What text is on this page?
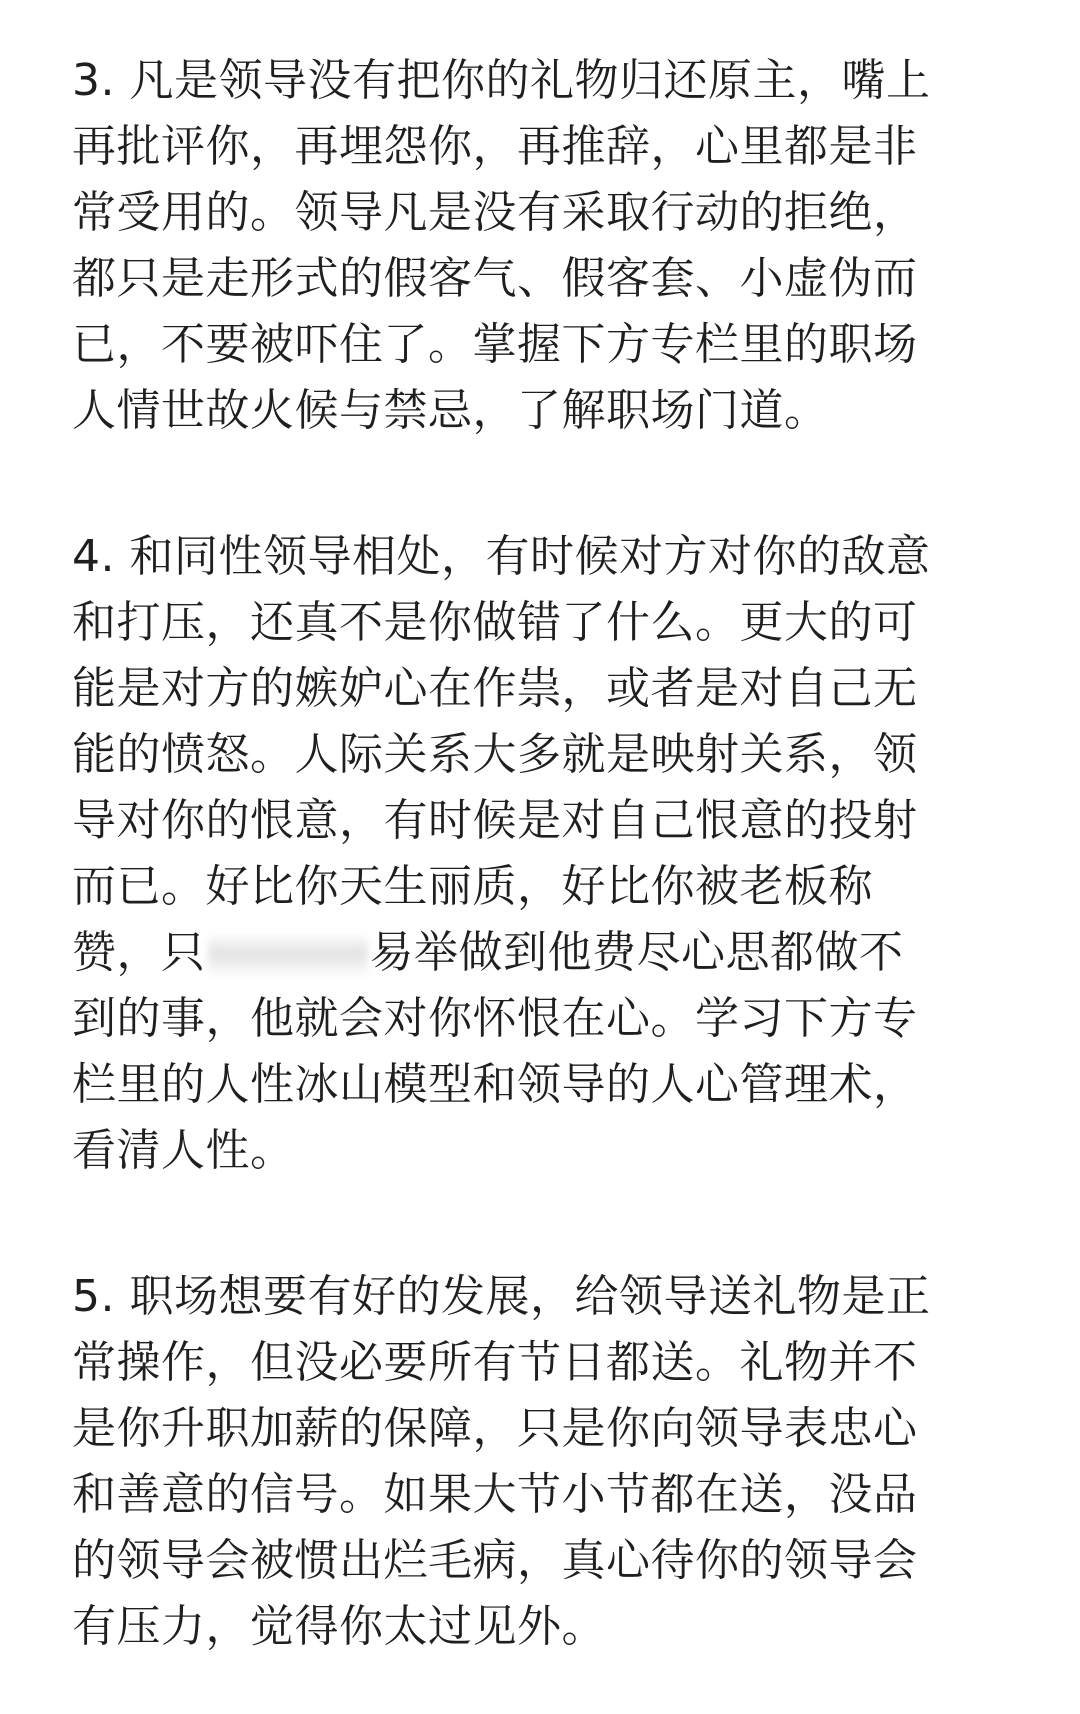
3. 凡是领导没有把你的礼物归还原主，嘴上
再批评你，再埋怨你，再推辞，心里都是非
常受用的。领导凡是没有采取行动的拒绝，
都只是走形式的假客气、假客套、小虚伪而
已，不要被吓住了。掌握下方专栏里的职场
人情世故火候与禁忌，了解职场门道。
4. 和同性领导相处，有时候对方对你的敌意
和打压，还真不是你做错了什么。更大的可
能是对方的嫉妒心在作祟，或者是对自己无
能的愤怒。人际关系大多就是映射关系，领
导对你的恨意，有时候是对自己恨意的投射
而已。好比你天生丽质，好比你被老板称
赞，只	易举做到他费尽心思都做不
到的事，他就会对你怀恨在心。学习下方专
栏里的人性冰山模型和领导的人心管理术，
看清人性。
5. 职场想要有好的发展，给领导送礼物是正
常操作，但没必要所有节日都送。礼物并不
是你升职加薪的保障，只是你向领导表忠心
和善意的信号。如果大节小节都在送，没品
的领导会被惯出烂毛病，真心待你的领导会
有压力，觉得你太过见外。
